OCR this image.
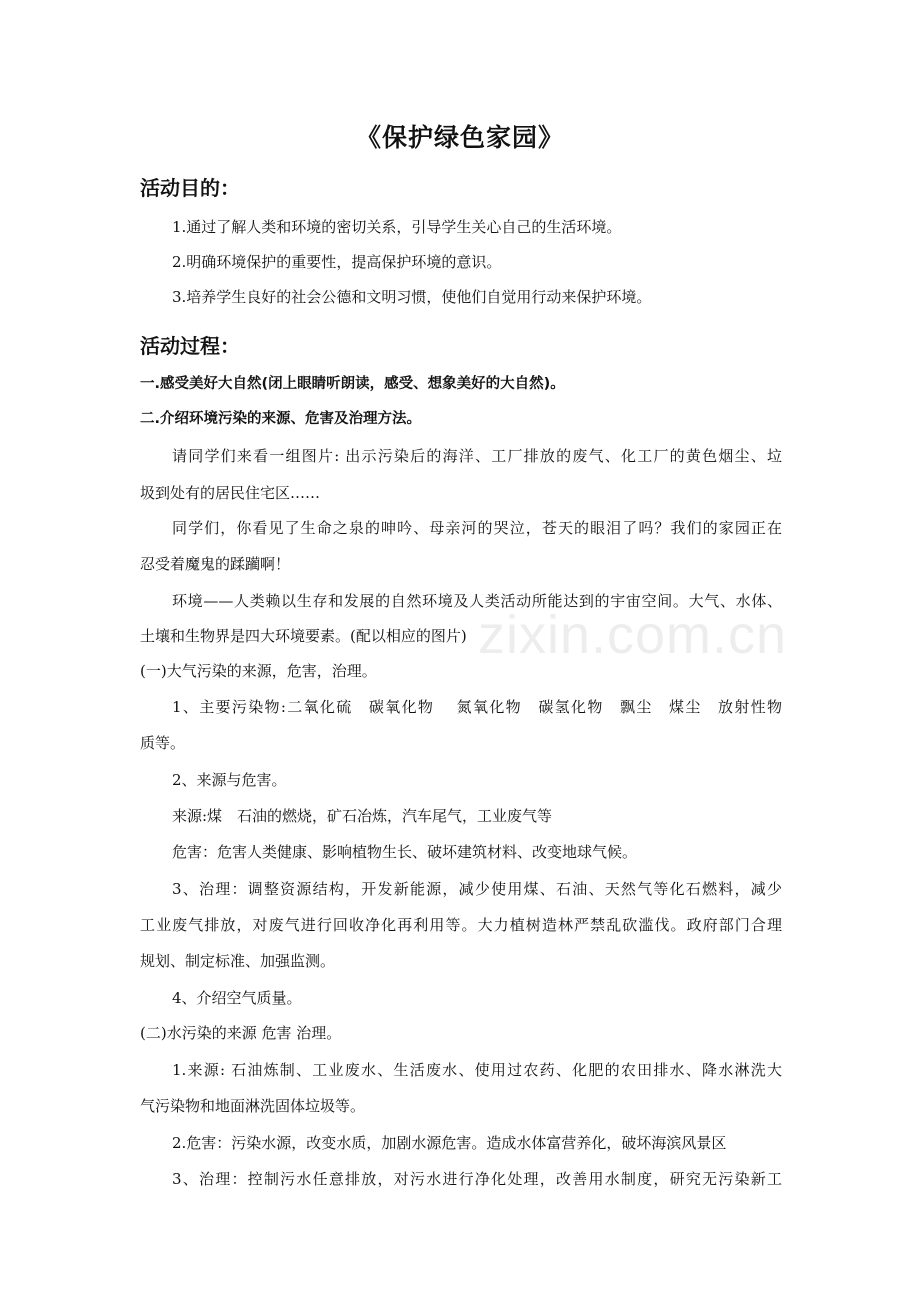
zixin.com.cn
《保护绿色家园》
活动目的：
1.通过了解人类和环境的密切关系，引导学生关心自己的生活环境。
2.明确环境保护的重要性，提高保护环境的意识。
3.培养学生良好的社会公德和文明习惯，使他们自觉用行动来保护环境。
活动过程：
一.感受美好大自然(闭上眼睛听朗读，感受、想象美好的大自然)。
二.介绍环境污染的来源、危害及治理方法。
请同学们来看一组图片: 出示污染后的海洋、工厂排放的废气、化工厂的黄色烟尘、垃
圾到处有的居民住宅区……
同学们，你看见了生命之泉的呻吟、母亲河的哭泣，苍天的眼泪了吗？我们的家园正在
忍受着魔鬼的蹂躏啊！
环境——人类赖以生存和发展的自然环境及人类活动所能达到的宇宙空间。大气、水体、
土壤和生物界是四大环境要素。(配以相应的图片)
(一)大气污染的来源，危害，治理。
1、主要污染物:二氧化硫　碳氧化物　 氮氧化物　碳氢化物　飘尘　煤尘　放射性物
质等。
2、来源与危害。
来源:煤　石油的燃烧，矿石冶炼，汽车尾气，工业废气等
危害：危害人类健康、影响植物生长、破坏建筑材料、改变地球气候。
3、治理：调整资源结构，开发新能源，减少使用煤、石油、天然气等化石燃料，减少
工业废气排放，对废气进行回收净化再利用等。大力植树造林严禁乱砍滥伐。政府部门合理
规划、制定标准、加强监测。
4、介绍空气质量。
(二)水污染的来源 危害 治理。
1.来源: 石油炼制、工业废水、生活废水、使用过农药、化肥的农田排水、降水淋洗大
气污染物和地面淋洗固体垃圾等。
2.危害：污染水源，改变水质，加剧水源危害。造成水体富营养化，破坏海滨风景区
3、治理：控制污水任意排放，对污水进行净化处理，改善用水制度，研究无污染新工
